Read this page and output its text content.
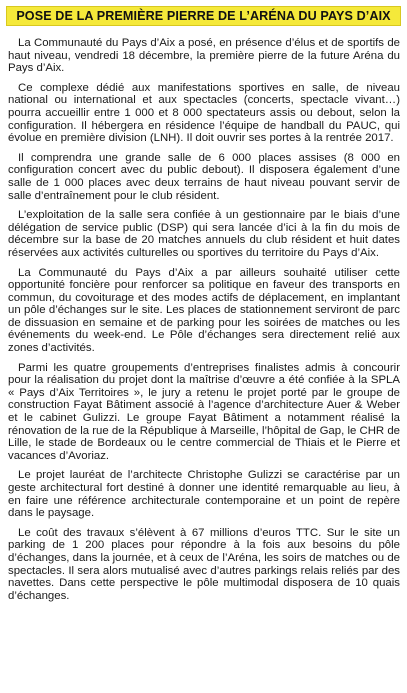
POSE DE LA PREMIÈRE PIERRE DE L’ARÉNA DU PAYS D’AIX

La Communauté du Pays d’Aix a posé, en présence d’élus et de sportifs de haut niveau, vendredi 18 décembre, la première pierre de la future Aréna du Pays d’Aix.

Ce complexe dédié aux manifestations sportives en salle, de niveau national ou international et aux spectacles (concerts, spectacle vivant…) pourra accueillir entre 1 000 et 8 000 spectateurs assis ou debout, selon la configuration. Il hébergera en résidence l’équipe de handball du PAUC, qui évolue en première division (LNH). Il doit ouvrir ses portes à la rentrée 2017.

Il comprendra une grande salle de 6 000 places assises (8 000 en configuration concert avec du public debout). Il disposera également d’une salle de 1 000 places avec deux terrains de haut niveau pouvant servir de salle d’entraînement pour le club résident.

L’exploitation de la salle sera confiée à un gestionnaire par le biais d’une délégation de service public (DSP) qui sera lancée d’ici à la fin du mois de décembre sur la base de 20 matches annuels du club résident et huit dates réservées aux activités culturelles ou sportives du territoire du Pays d’Aix.

La Communauté du Pays d’Aix a par ailleurs souhaité utiliser cette opportunité foncière pour renforcer sa politique en faveur des transports en commun, du covoiturage et des modes actifs de déplacement, en implantant un pôle d’échanges sur le site. Les places de stationnement serviront de parc de dissuasion en semaine et de parking pour les soirées de matches ou les événements du week-end. Le Pôle d’échanges sera directement relié aux zones d’activités.

Parmi les quatre groupements d’entreprises finalistes admis à concourir pour la réalisation du projet dont la maîtrise d’œuvre a été confiée à la SPLA « Pays d’Aix Territoires », le jury a retenu le projet porté par le groupe de construction Fayat Bâtiment associé à l’agence d’architecture Auer & Weber et le cabinet Gulizzi. Le groupe Fayat Bâtiment a notamment réalisé la rénovation de la rue de la République à Marseille, l’hôpital de Gap, le CHR de Lille, le stade de Bordeaux ou le centre commercial de Thiais et le Pierre et vacances d’Avoriaz.

Le projet lauréat de l’architecte Christophe Gulizzi se caractérise par un geste architectural fort destiné à donner une identité remarquable au lieu, à en faire une référence architecturale contemporaine et un point de repère dans le paysage.

Le coût des travaux s’élèvent à 67 millions d’euros TTC. Sur le site un parking de 1 200 places pour répondre à la fois aux besoins du pôle d’échanges, dans la journée, et à ceux de l’Aréna, les soirs de matches ou de spectacles. Il sera alors mutualisé avec d’autres parkings relais reliés par des navettes. Dans cette perspective le pôle multimodal disposera de 10 quais d’échanges.
